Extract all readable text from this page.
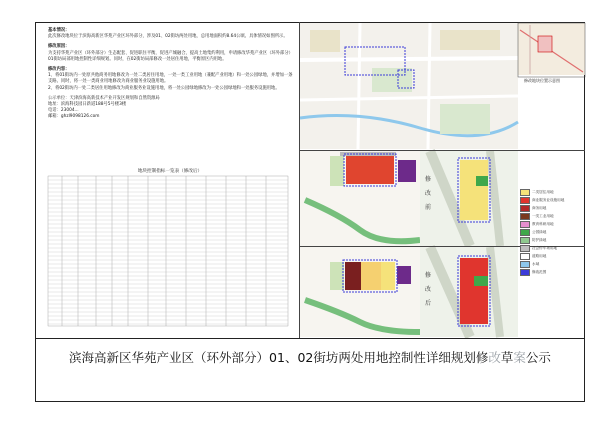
基本情况：

此次修改地块位于滨海高新区华苑产业区环外部分，涉及01、02街坊两处用地，总用地面积约8.64公顷。具体情况如图所示。

修改原因：

为支持华苑产业区（环外部分）生态配套、促进职住平衡，促进产城融合，提高土地集约利用，申请修改华苑产业区（环外部分）01街坊局部用地控制性详细规划。同时，在02街坊局部修改一处居住用地，平衡原区内用地。

修改内容：

1、将01街坊内一处原共他商务用地修改为一处二类居住用地，一处一类工业用地（兼配产业用地）和一处公园绿地，并增加一条支路。同时，将一处一类商业用地修改为商业服务业设施用地。

2、将02街坊内一处二类居住用地修改为商业服务业设施用地，将一处公园绿地修改为一处公园绿地和一处服务设施用地。

公示单位：天津滨海高新技术产业开发区规划和自然资源局

地址：滨海科技园日新道188号5号楼3楼

电话：23004...

邮箱：ghzl9098126.com

地块控制指标一览表（修改后）
修改地块位置示意图
修
改
前
修
改
后
二类居住用地
商业服务业设施用地
商务用地
一类工业用地
教育科研用地
公园绿地
防护绿地
社会停车场用地
道路用地
水域
修改范围
滨海高新区华苑产业区（环外部分）01、02街坊两处用地控制性详细规划修改草案公示
